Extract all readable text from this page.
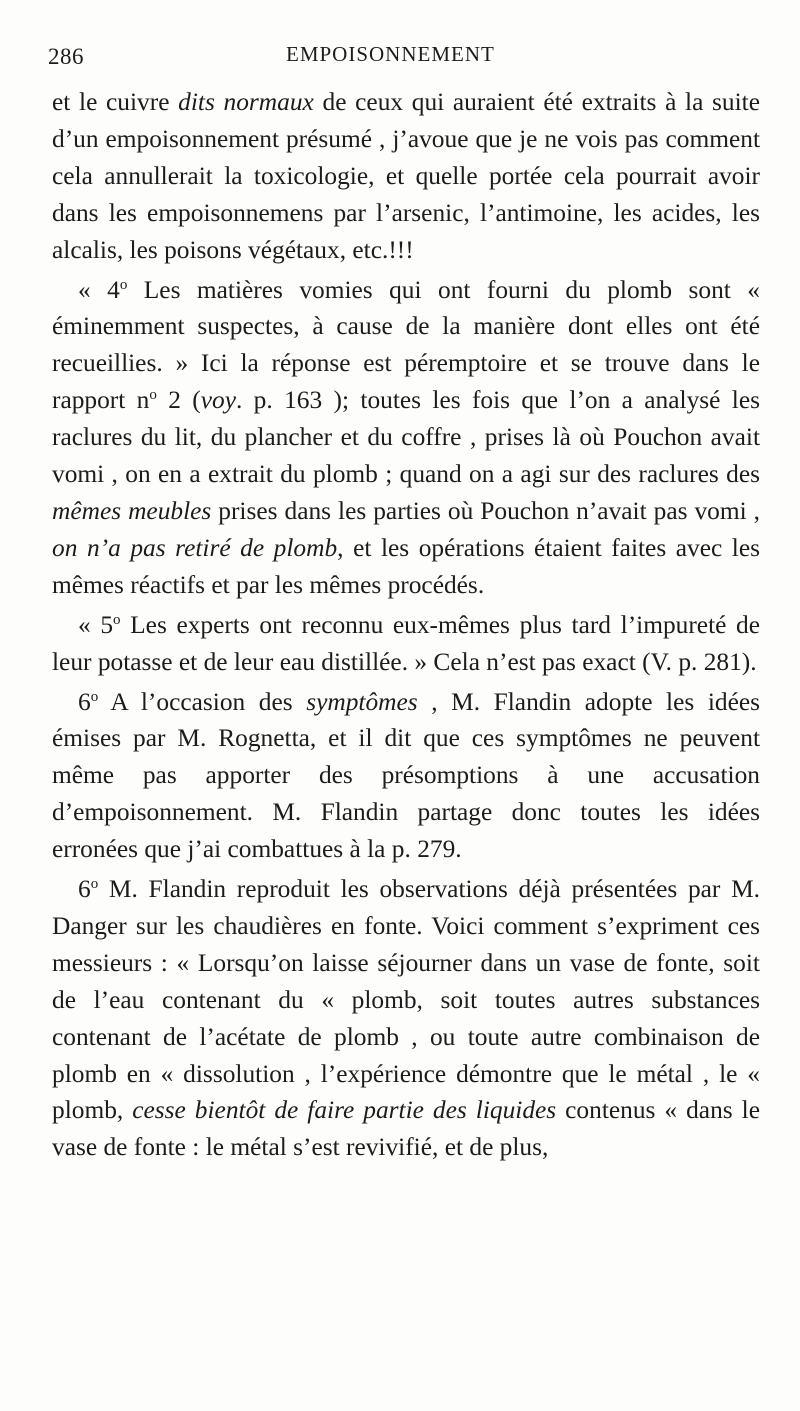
286	EMPOISONNEMENT

et le cuivre dits normaux de ceux qui auraient été extraits à la suite d’un empoisonnement présumé , j’avoue que je ne vois pas comment cela annullerait la toxicologie, et quelle portée cela pourrait avoir dans les empoisonnemens par l’arsenic, l’antimoine, les acides, les alcalis, les poisons végétaux, etc.!!!

« 4$^o$ Les matières vomies qui ont fourni du plomb sont « éminemment suspectes, à cause de la manière dont elles ont été recueillies. » Ici la réponse est péremptoire et se trouve dans le rapport $n^o$ 2 (voy. p. 163 ); toutes les fois que l’on a analysé les raclures du lit, du plancher et du coffre , prises là où Pouchon avait vomi , on en a extrait du plomb ; quand on a agi sur des raclures des mêmes meubles prises dans les parties où Pouchon n’avait pas vomi , on n’a pas retiré de plomb, et les opérations étaient faites avec les mêmes réactifs et par les mêmes procédés.

« 5$^o$ Les experts ont reconnu eux-mêmes plus tard l’impureté de leur potasse et de leur eau distillée. » Cela n’est pas exact (V. p. 281).

6$^o$ A l’occasion des symptômes , M. Flandin adopte les idées émises par M. Rognetta, et il dit que ces symptômes ne peuvent même pas apporter des présomptions à une accusation d’empoisonnement. M. Flandin partage donc toutes les idées erronées que j’ai combattues à la p. 279.

6$^o$ M. Flandin reproduit les observations déjà présentées par M. Danger sur les chaudières en fonte. Voici comment s’expriment ces messieurs : « Lorsqu’on laisse séjourner dans un vase de fonte, soit de l’eau contenant du « plomb, soit toutes autres substances contenant de l’acétate de plomb , ou toute autre combinaison de plomb en « dissolution , l’expérience démontre que le métal , le « plomb, cesse bientôt de faire partie des liquides contenus « dans le vase de fonte : le métal s’est revivifié, et de plus,
